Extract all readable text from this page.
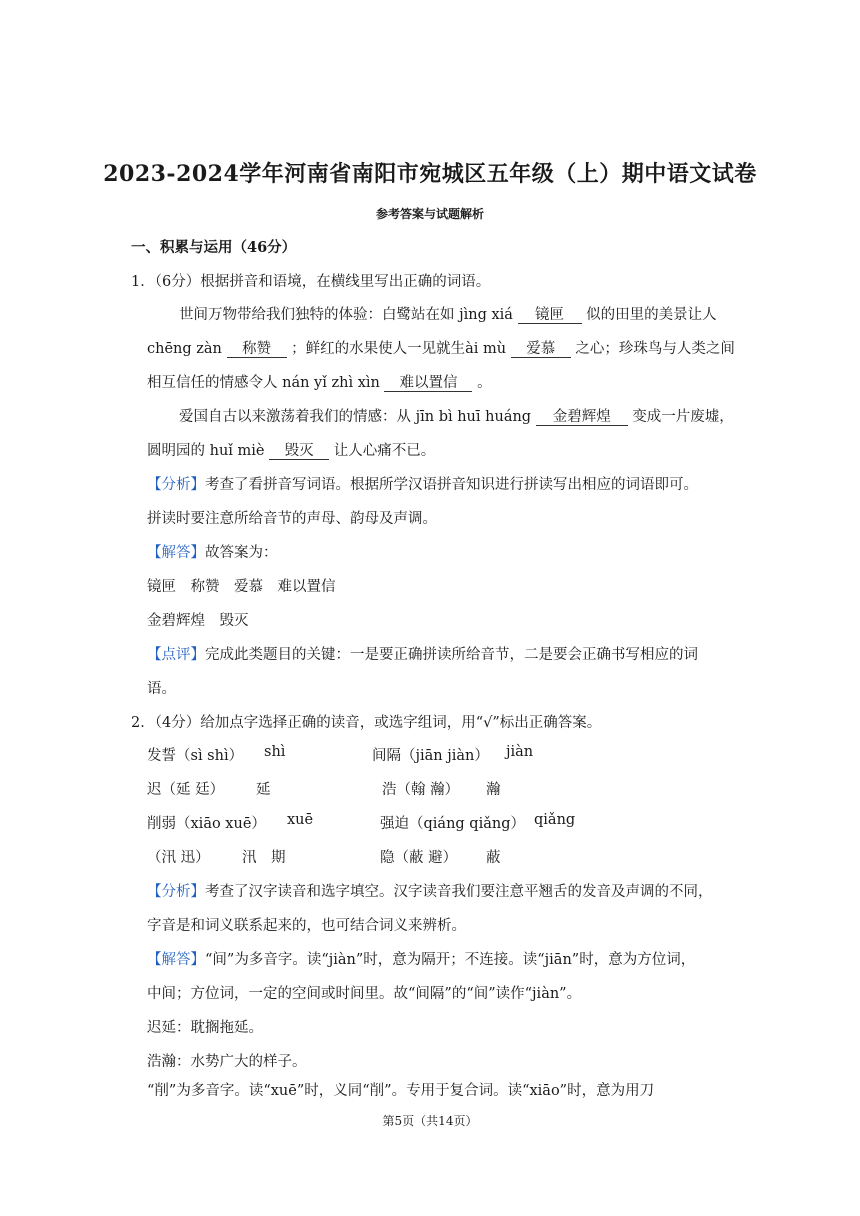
2023-2024学年河南省南阳市宛城区五年级（上）期中语文试卷
参考答案与试题解析
一、积累与运用（46分）
1．（6分）根据拼音和语境，在横线里写出正确的词语。
世间万物带给我们独特的体验：白鹭站在如 jìng xiá 镜匣 似的田里的美景让人
chēng zàn 称赞 ；鲜红的水果使人一见就生ài mù 爱慕 之心；珍珠鸟与人类之间
相互信任的情感令人 nán yǐ zhì xìn 难以置信 。
爱国自古以来激荡着我们的情感：从 jīn bì huī huáng 金碧辉煌 变成一片废墟，
圆明园的 huǐ miè 毁灭 让人心痛不已。
【分析】考查了看拼音写词语。根据所学汉语拼音知识进行拼读写出相应的词语即可。
拼读时要注意所给音节的声母、韵母及声调。
【解答】故答案为：
镜匣　称赞　爱慕　难以置信
金碧辉煌　毁灭
【点评】完成此类题目的关键：一是要正确拼读所给音节，二是要会正确书写相应的词
语。
2．（4分）给加点字选择正确的读音，或选字组词，用“√”标出正确答案。
发誓（sì shì） shì	间隔（jiān jiàn） jiàn
迟（延 廷） 延	浩（翰 瀚） 瀚
削弱（xiāo xuē） xuē	强迫（qiáng qiǎng） qiǎng
（汛 迅） 汛　期	隐（蔽 避） 蔽
【分析】考查了汉字读音和选字填空。汉字读音我们要注意平翘舌的发音及声调的不同，
字音是和词义联系起来的，也可结合词义来辨析。
【解答】“间”为多音字。读“jiàn”时，意为隔开；不连接。读“jiān”时，意为方位词，
中间；方位词，一定的空间或时间里。故“间隔”的“间”读作“jiàn”。
迟延：耽搁拖延。
浩瀚：水势广大的样子。
“削”为多音字。读“xuē”时，义同“削”。专用于复合词。读“xiāo”时，意为用刀
第5页（共14页）
